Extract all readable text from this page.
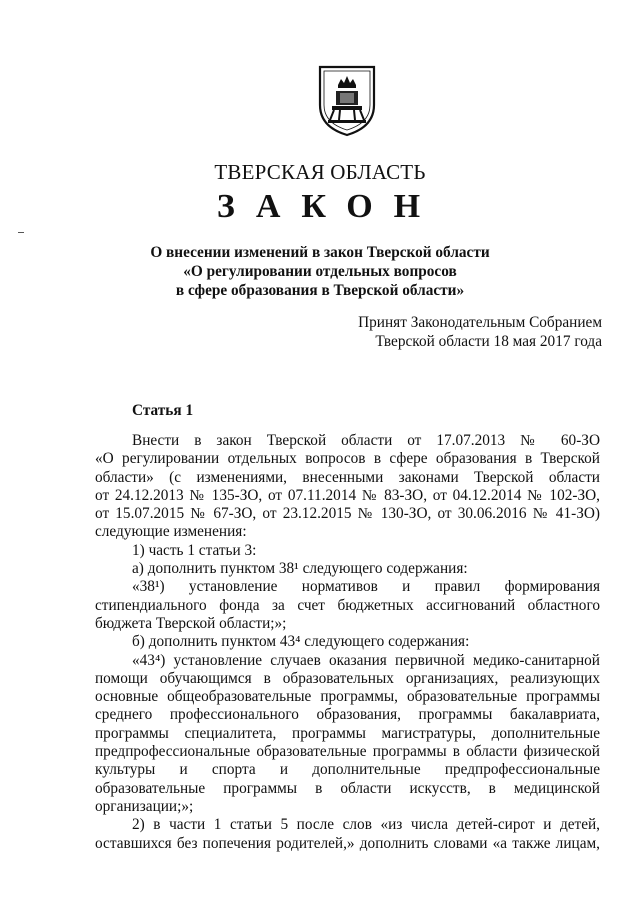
ТВЕРСКАЯ ОБЛАСТЬ
ЗАКОН
О внесении изменений в закон Тверской области
«О регулировании отдельных вопросов
в сфере образования в Тверской области»
Принят Законодательным Собранием
Тверской области 18 мая 2017 года
Статья 1

Внести в закон Тверской области от 17.07.2013 № 60-ЗО

«О регулировании отдельных вопросов в сфере образования в Тверской

области» (с изменениями, внесенными законами Тверской области

от 24.12.2013 № 135-ЗО, от 07.11.2014 № 83-ЗО, от 04.12.2014 № 102-ЗО,

от 15.07.2015 № 67-ЗО, от 23.12.2015 № 130-ЗО, от 30.06.2016 № 41-ЗО)

следующие изменения:

1) часть 1 статьи 3:

а) дополнить пунктом 38¹ следующего содержания:

«38¹) установление нормативов и правил формирования

стипендиального фонда за счет бюджетных ассигнований областного

бюджета Тверской области;»;

б) дополнить пунктом 43⁴ следующего содержания:

«43⁴) установление случаев оказания первичной медико-санитарной

помощи обучающимся в образовательных организациях, реализующих

основные общеобразовательные программы, образовательные программы

среднего профессионального образования, программы бакалавриата,

программы специалитета, программы магистратуры, дополнительные

предпрофессиональные образовательные программы в области физической

культуры и спорта и дополнительные предпрофессиональные

образовательные программы в области искусств, в медицинской

организации;»;

2) в части 1 статьи 5 после слов «из числа детей-сирот и детей,

оставшихся без попечения родителей,» дополнить словами «а также лицам,
